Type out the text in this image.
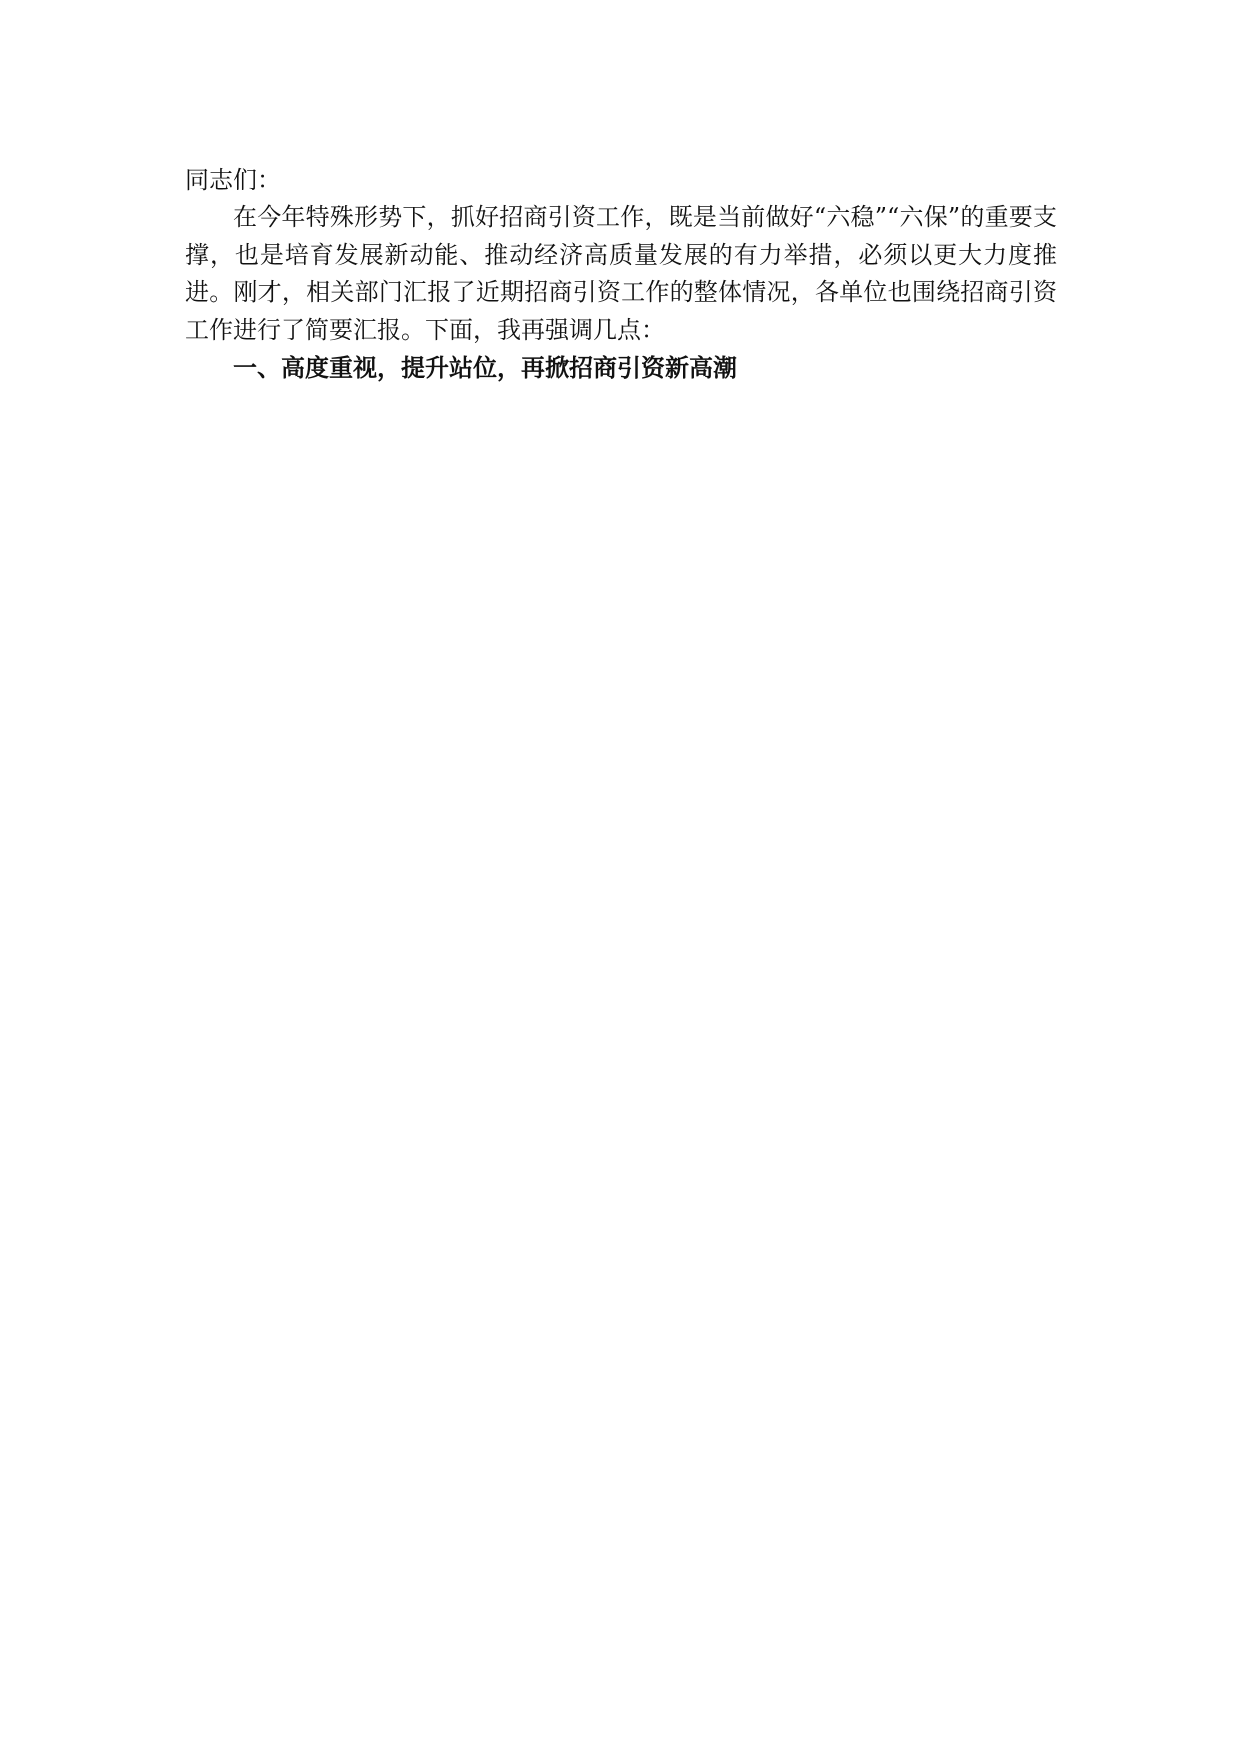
同志们：

在今年特殊形势下，抓好招商引资工作，既是当前做好“六稳”“六保”的重要支撑，也是培育发展新动能、推动经济高质量发展的有力举措，必须以更大力度推进。刚才，相关部门汇报了近期招商引资工作的整体情况，各单位也围绕招商引资工作进行了简要汇报。下面，我再强调几点：

一、高度重视，提升站位，再掀招商引资新高潮
